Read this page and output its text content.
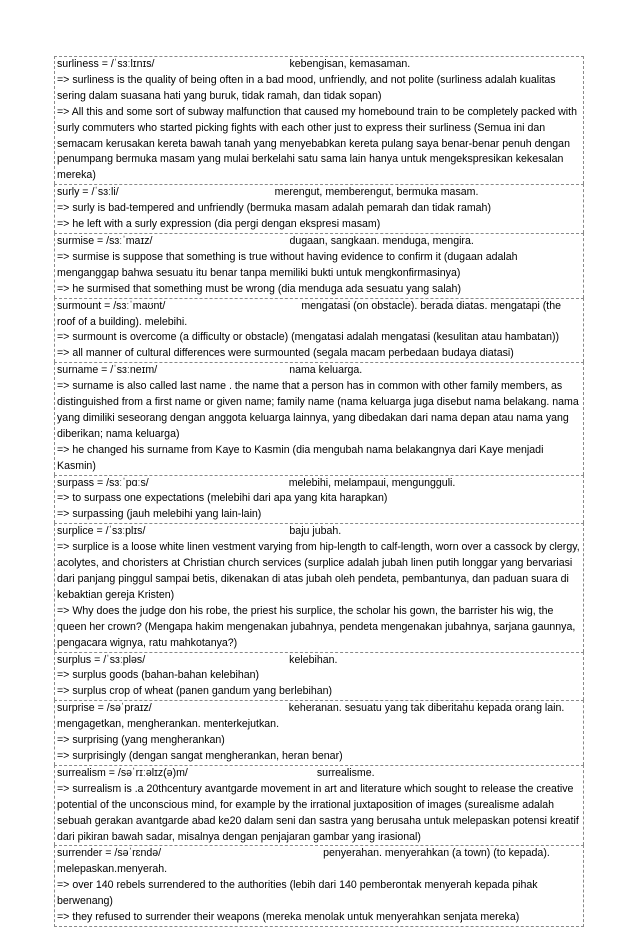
surliness = /ˈsɜːlɪnɪs/	kebengisan, kemasaman.

=> surliness is the quality of being often in a bad mood, unfriendly, and not polite (surliness adalah kualitas sering dalam suasana hati yang buruk, tidak ramah, dan tidak sopan)

=> All this and some sort of subway malfunction that caused my homebound train to be completely packed with surly commuters who started picking fights with each other just to express their surliness (Semua ini dan semacam kerusakan kereta bawah tanah yang menyebabkan kereta pulang saya benar-benar penuh dengan penumpang bermuka masam yang mulai berkelahi satu sama lain hanya untuk mengekspresikan kekesalan mereka)

surly = /ˈsɜːli/	merengut, memberengut, bermuka masam.

=> surly is bad-tempered and unfriendly (bermuka masam adalah pemarah dan tidak ramah)

=> he left with a surly expression (dia pergi dengan ekspresi masam)

surmise = /sɜːˈmaɪz/	dugaan, sangkaan. menduga, mengira.

=> surmise is suppose that something is true without having evidence to confirm it (dugaan adalah menganggap bahwa sesuatu itu benar tanpa memiliki bukti untuk mengkonfirmasinya)

=> he surmised that something must be wrong (dia menduga ada sesuatu yang salah)

surmount = /sɜːˈmaʊnt/	mengatasi (on obstacle). berada diatas. mengatapi (the

roof of a building). melebihi.

=> surmount is overcome (a difficulty or obstacle) (mengatasi adalah mengatasi (kesulitan atau hambatan))

=> all manner of cultural differences were surmounted (segala macam perbedaan budaya diatasi)

surname = /ˈsɜːneɪm/	nama keluarga.

=> surname is also called last name . the name that a person has in common with other family members, as distinguished from a first name or given name; family name (nama keluarga juga disebut nama belakang. nama yang dimiliki seseorang dengan anggota keluarga lainnya, yang dibedakan dari nama depan atau nama yang diberikan; nama keluarga)

=> he changed his surname from Kaye to Kasmin (dia mengubah nama belakangnya dari Kaye menjadi Kasmin)

surpass = /sɜːˈpɑːs/	melebihi, melampaui, mengungguli.

=> to surpass one expectations (melebihi dari apa yang kita harapkan)

=> surpassing (jauh melebihi yang lain-lain)

surplice = /ˈsɜːplɪs/	baju jubah.

=> surplice is a loose white linen vestment varying from hip-length to calf-length, worn over a cassock by clergy, acolytes, and choristers at Christian church services (surplice adalah jubah linen putih longgar yang bervariasi dari panjang pinggul sampai betis, dikenakan di atas jubah oleh pendeta, pembantunya, dan paduan suara di kebaktian gereja Kristen)

=> Why does the judge don his robe, the priest his surplice, the scholar his gown, the barrister his wig, the queen her crown? (Mengapa hakim mengenakan jubahnya, pendeta mengenakan jubahnya, sarjana gaunnya, pengacara wignya, ratu mahkotanya?)

surplus = /ˈsɜːpləs/	kelebihan.

=> surplus goods (bahan-bahan kelebihan)

=> surplus crop of wheat (panen gandum yang berlebihan)

surprise = /səˈpraɪz/	keheranan. sesuatu yang tak diberitahu kepada orang lain.

mengagetkan, mengherankan. menterkejutkan.

=> surprising (yang mengherankan)

=> surprisingly (dengan sangat mengherankan, heran benar)

surrealism = /səˈrɪːəlɪz(ə)m/	surrealisme.

=> surrealism is .a 20thcentury avantgarde movement in art and literature which sought to release the creative potential of the unconscious mind, for example by the irrational juxtaposition of images (surealisme adalah sebuah gerakan avantgarde abad ke20 dalam seni dan sastra yang berusaha untuk melepaskan potensi kreatif dari pikiran bawah sadar, misalnya dengan penjajaran gambar yang irasional)

surrender = /səˈrɛndə/	penyerahan. menyerahkan (a town) (to kepada).

melepaskan.menyerah.

=> over 140 rebels surrendered to the authorities (lebih dari 140 pemberontak menyerah kepada pihak berwenang)

=> they refused to surrender their weapons (mereka menolak untuk menyerahkan senjata mereka)
